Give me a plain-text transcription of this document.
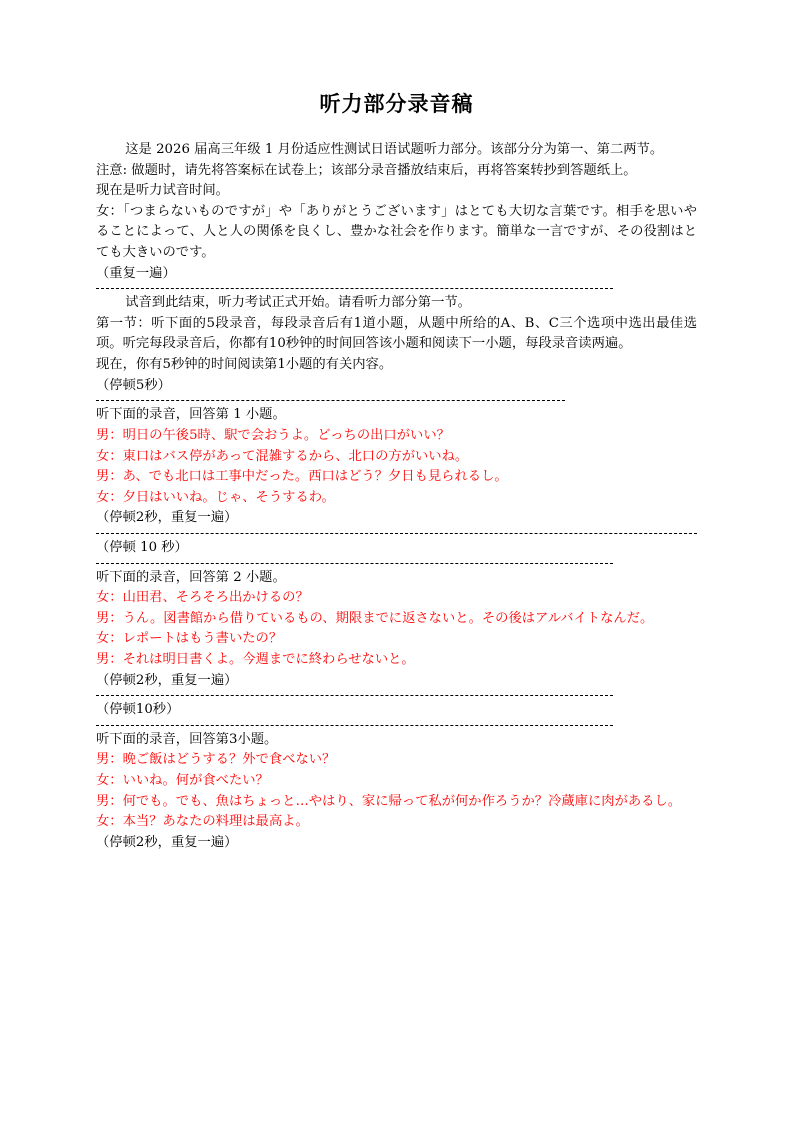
听力部分录音稿

这是 2026 届高三年级 1 月份适应性测试日语试题听力部分。该部分分为第一、第二两节。

注意: 做题时，请先将答案标在试卷上；该部分录音播放结束后，再将答案转抄到答题纸上。

现在是听力试音时间。

女：「つまらないものですが」や「ありがとうございます」はとても大切な言葉です。相手を思いやることによって、人と人の関係を良くし、豊かな社会を作ります。簡単な一言ですが、その役割はとても大きいのです。

（重复一遍）

试音到此结束，听力考试正式开始。请看听力部分第一节。

第一节：听下面的5段录音，每段录音后有1道小题，从题中所给的A、B、C三个选项中选出最佳选项。听完每段录音后，你都有10秒钟的时间回答该小题和阅读下一小题，每段录音读两遍。

现在，你有5秒钟的时间阅读第1小题的有关内容。

（停顿5秒）

听下面的录音，回答第 1 小题。

男：明日の午後5時、駅で会おうよ。どっちの出口がいい？

女：東口はバス停があって混雑するから、北口の方がいいね。

男：あ、でも北口は工事中だった。西口はどう？夕日も見られるし。

女：夕日はいいね。じゃ、そうするわ。

（停顿2秒，重复一遍）

（停顿 10 秒）

听下面的录音，回答第 2 小题。

女：山田君、そろそろ出かけるの？

男：うん。図書館から借りているもの、期限までに返さないと。その後はアルバイトなんだ。

女：レポートはもう書いたの？

男：それは明日書くよ。今週までに終わらせないと。

（停顿2秒，重复一遍）

（停顿10秒）

听下面的录音，回答第3小题。

男：晩ご飯はどうする？外で食べない？

女：いいね。何が食べたい？

男：何でも。でも、魚はちょっと…やはり、家に帰って私が何か作ろうか？冷蔵庫に肉があるし。

女：本当？あなたの料理は最高よ。

（停顿2秒，重复一遍）
